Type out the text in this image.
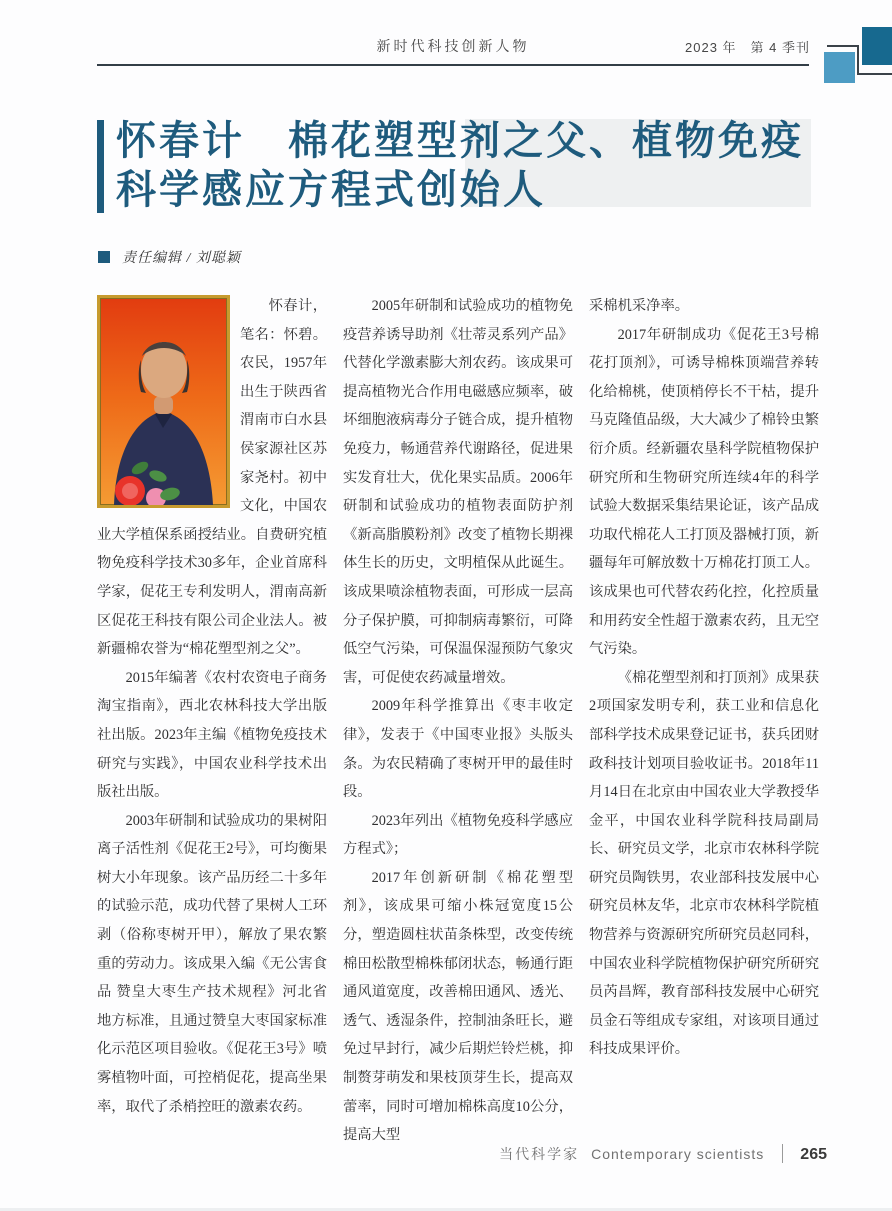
新时代科技创新人物	2023 年　第 4 季刊
怀春计　棉花塑型剂之父、植物免疫
科学感应方程式创始人
责任编辑 / 刘聪颖

怀春计，笔名：怀碧。农民，1957年出生于陕西省渭南市白水县侯家源社区苏家尧村。初中文化，中国农业大学植保系函授结业。自费研究植物免疫科学技术30多年，企业首席科学家，促花王专利发明人，渭南高新区促花王科技有限公司企业法人。被新疆棉农誉为“棉花塑型剂之父”。

2015年编著《农村农资电子商务淘宝指南》，西北农林科技大学出版社出版。2023年主编《植物免疫技术研究与实践》，中国农业科学技术出版社出版。

2003年研制和试验成功的果树阳离子活性剂《促花王2号》，可均衡果树大小年现象。该产品历经二十多年的试验示范，成功代替了果树人工环剥（俗称枣树开甲），解放了果农繁重的劳动力。该成果入编《无公害食品 赞皇大枣生产技术规程》河北省地方标准，且通过赞皇大枣国家标准化示范区项目验收。《促花王3号》喷雾植物叶面，可控梢促花，提高坐果率，取代了杀梢控旺的激素农药。

2005年研制和试验成功的植物免疫营养诱导助剂《壮蒂灵系列产品》代替化学激素膨大剂农药。该成果可提高植物光合作用电磁感应频率，破坏细胞液病毒分子链合成，提升植物免疫力，畅通营养代谢路径，促进果实发育壮大，优化果实品质。2006年研制和试验成功的植物表面防护剂《新高脂膜粉剂》改变了植物长期裸体生长的历史，文明植保从此诞生。该成果喷涂植物表面，可形成一层高分子保护膜，可抑制病毒繁衍，可降低空气污染，可保温保湿预防气象灾害，可促使农药减量增效。

2009年科学推算出《枣丰收定律》，发表于《中国枣业报》头版头条。为农民精确了枣树开甲的最佳时段。

2023年列出《植物免疫科学感应方程式》；

2017年创新研制《棉花塑型剂》，该成果可缩小株冠宽度15公分，塑造圆柱状苗条株型，改变传统棉田松散型棉株郁闭状态，畅通行距通风道宽度，改善棉田通风、透光、透气、透湿条件，控制油条旺长，避免过早封行，减少后期烂铃烂桃，抑制赘芽萌发和果枝顶芽生长，提高双蕾率，同时可增加棉株高度10公分，提高大型

采棉机采净率。

2017年研制成功《促花王3号棉花打顶剂》，可诱导棉株顶端营养转化给棉桃，使顶梢停长不干枯，提升马克隆值品级，大大减少了棉铃虫繁衍介质。经新疆农垦科学院植物保护研究所和生物研究所连续4年的科学试验大数据采集结果论证，该产品成功取代棉花人工打顶及器械打顶，新疆每年可解放数十万棉花打顶工人。该成果也可代替农药化控，化控质量和用药安全性超于激素农药，且无空气污染。

《棉花塑型剂和打顶剂》成果获2项国家发明专利，获工业和信息化部科学技术成果登记证书，获兵团财政科技计划项目验收证书。2018年11月14日在北京由中国农业大学教授华金平，中国农业科学院科技局副局长、研究员文学，北京市农林科学院研究员陶铁男，农业部科技发展中心研究员林友华，北京市农林科学院植物营养与资源研究所研究员赵同科，中国农业科学院植物保护研究所研究员芮昌辉，教育部科技发展中心研究员金石等组成专家组，对该项目通过科技成果评价。

当代科学家 Contemporary scientists 265
